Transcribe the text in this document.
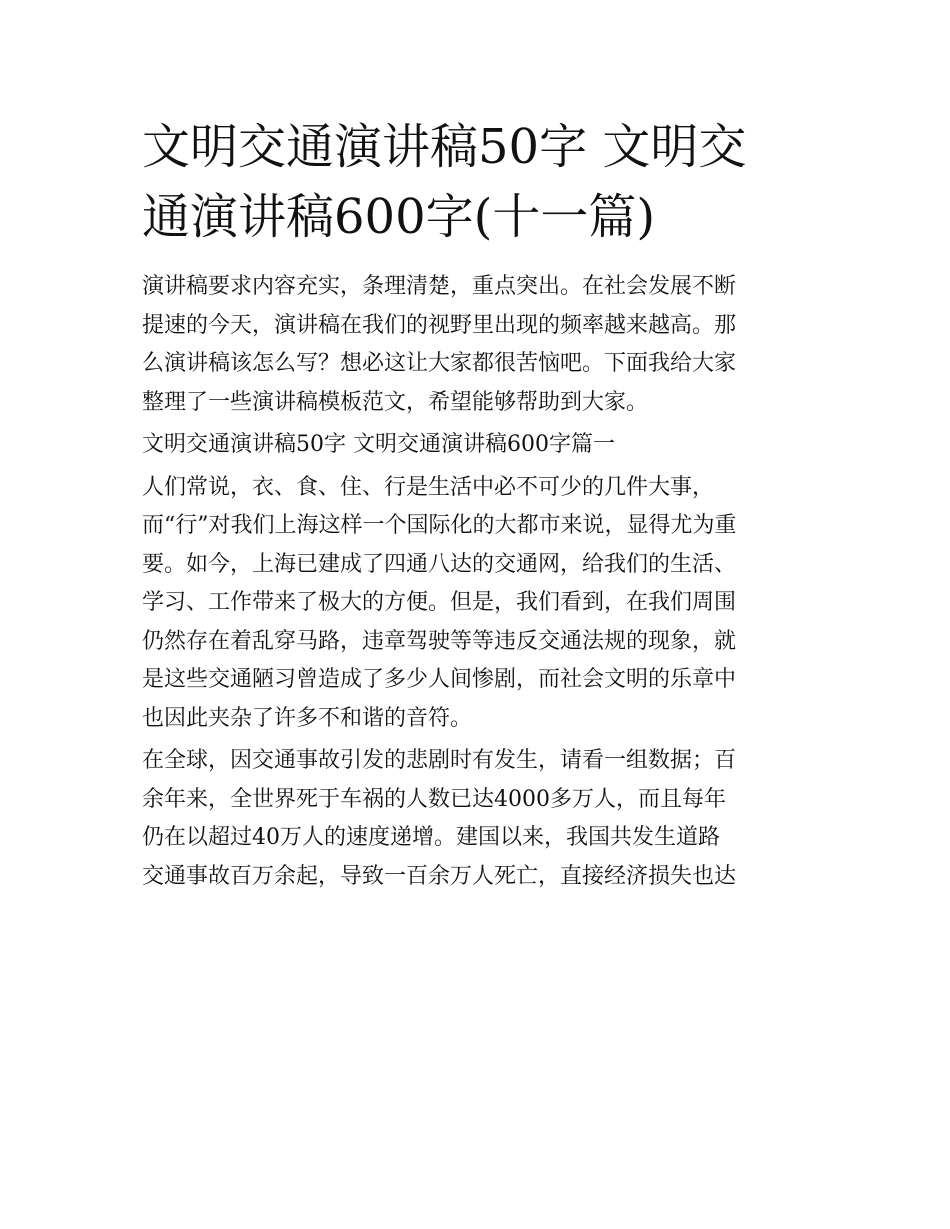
文明交通演讲稿50字 文明交
通演讲稿600字(十一篇)

演讲稿要求内容充实，条理清楚，重点突出。在社会发展不断
提速的今天，演讲稿在我们的视野里出现的频率越来越高。那
么演讲稿该怎么写？想必这让大家都很苦恼吧。下面我给大家
整理了一些演讲稿模板范文，希望能够帮助到大家。

文明交通演讲稿50字 文明交通演讲稿600字篇一

人们常说，衣、食、住、行是生活中必不可少的几件大事，
而“行”对我们上海这样一个国际化的大都市来说，显得尤为重
要。如今，上海已建成了四通八达的交通网，给我们的生活、
学习、工作带来了极大的方便。但是，我们看到，在我们周围
仍然存在着乱穿马路，违章驾驶等等违反交通法规的现象，就
是这些交通陋习曾造成了多少人间惨剧，而社会文明的乐章中
也因此夹杂了许多不和谐的音符。

在全球，因交通事故引发的悲剧时有发生，请看一组数据；百
余年来，全世界死于车祸的人数已达4000多万人，而且每年
仍在以超过40万人的速度递增。建国以来，我国共发生道路
交通事故百万余起，导致一百余万人死亡，直接经济损失也达
